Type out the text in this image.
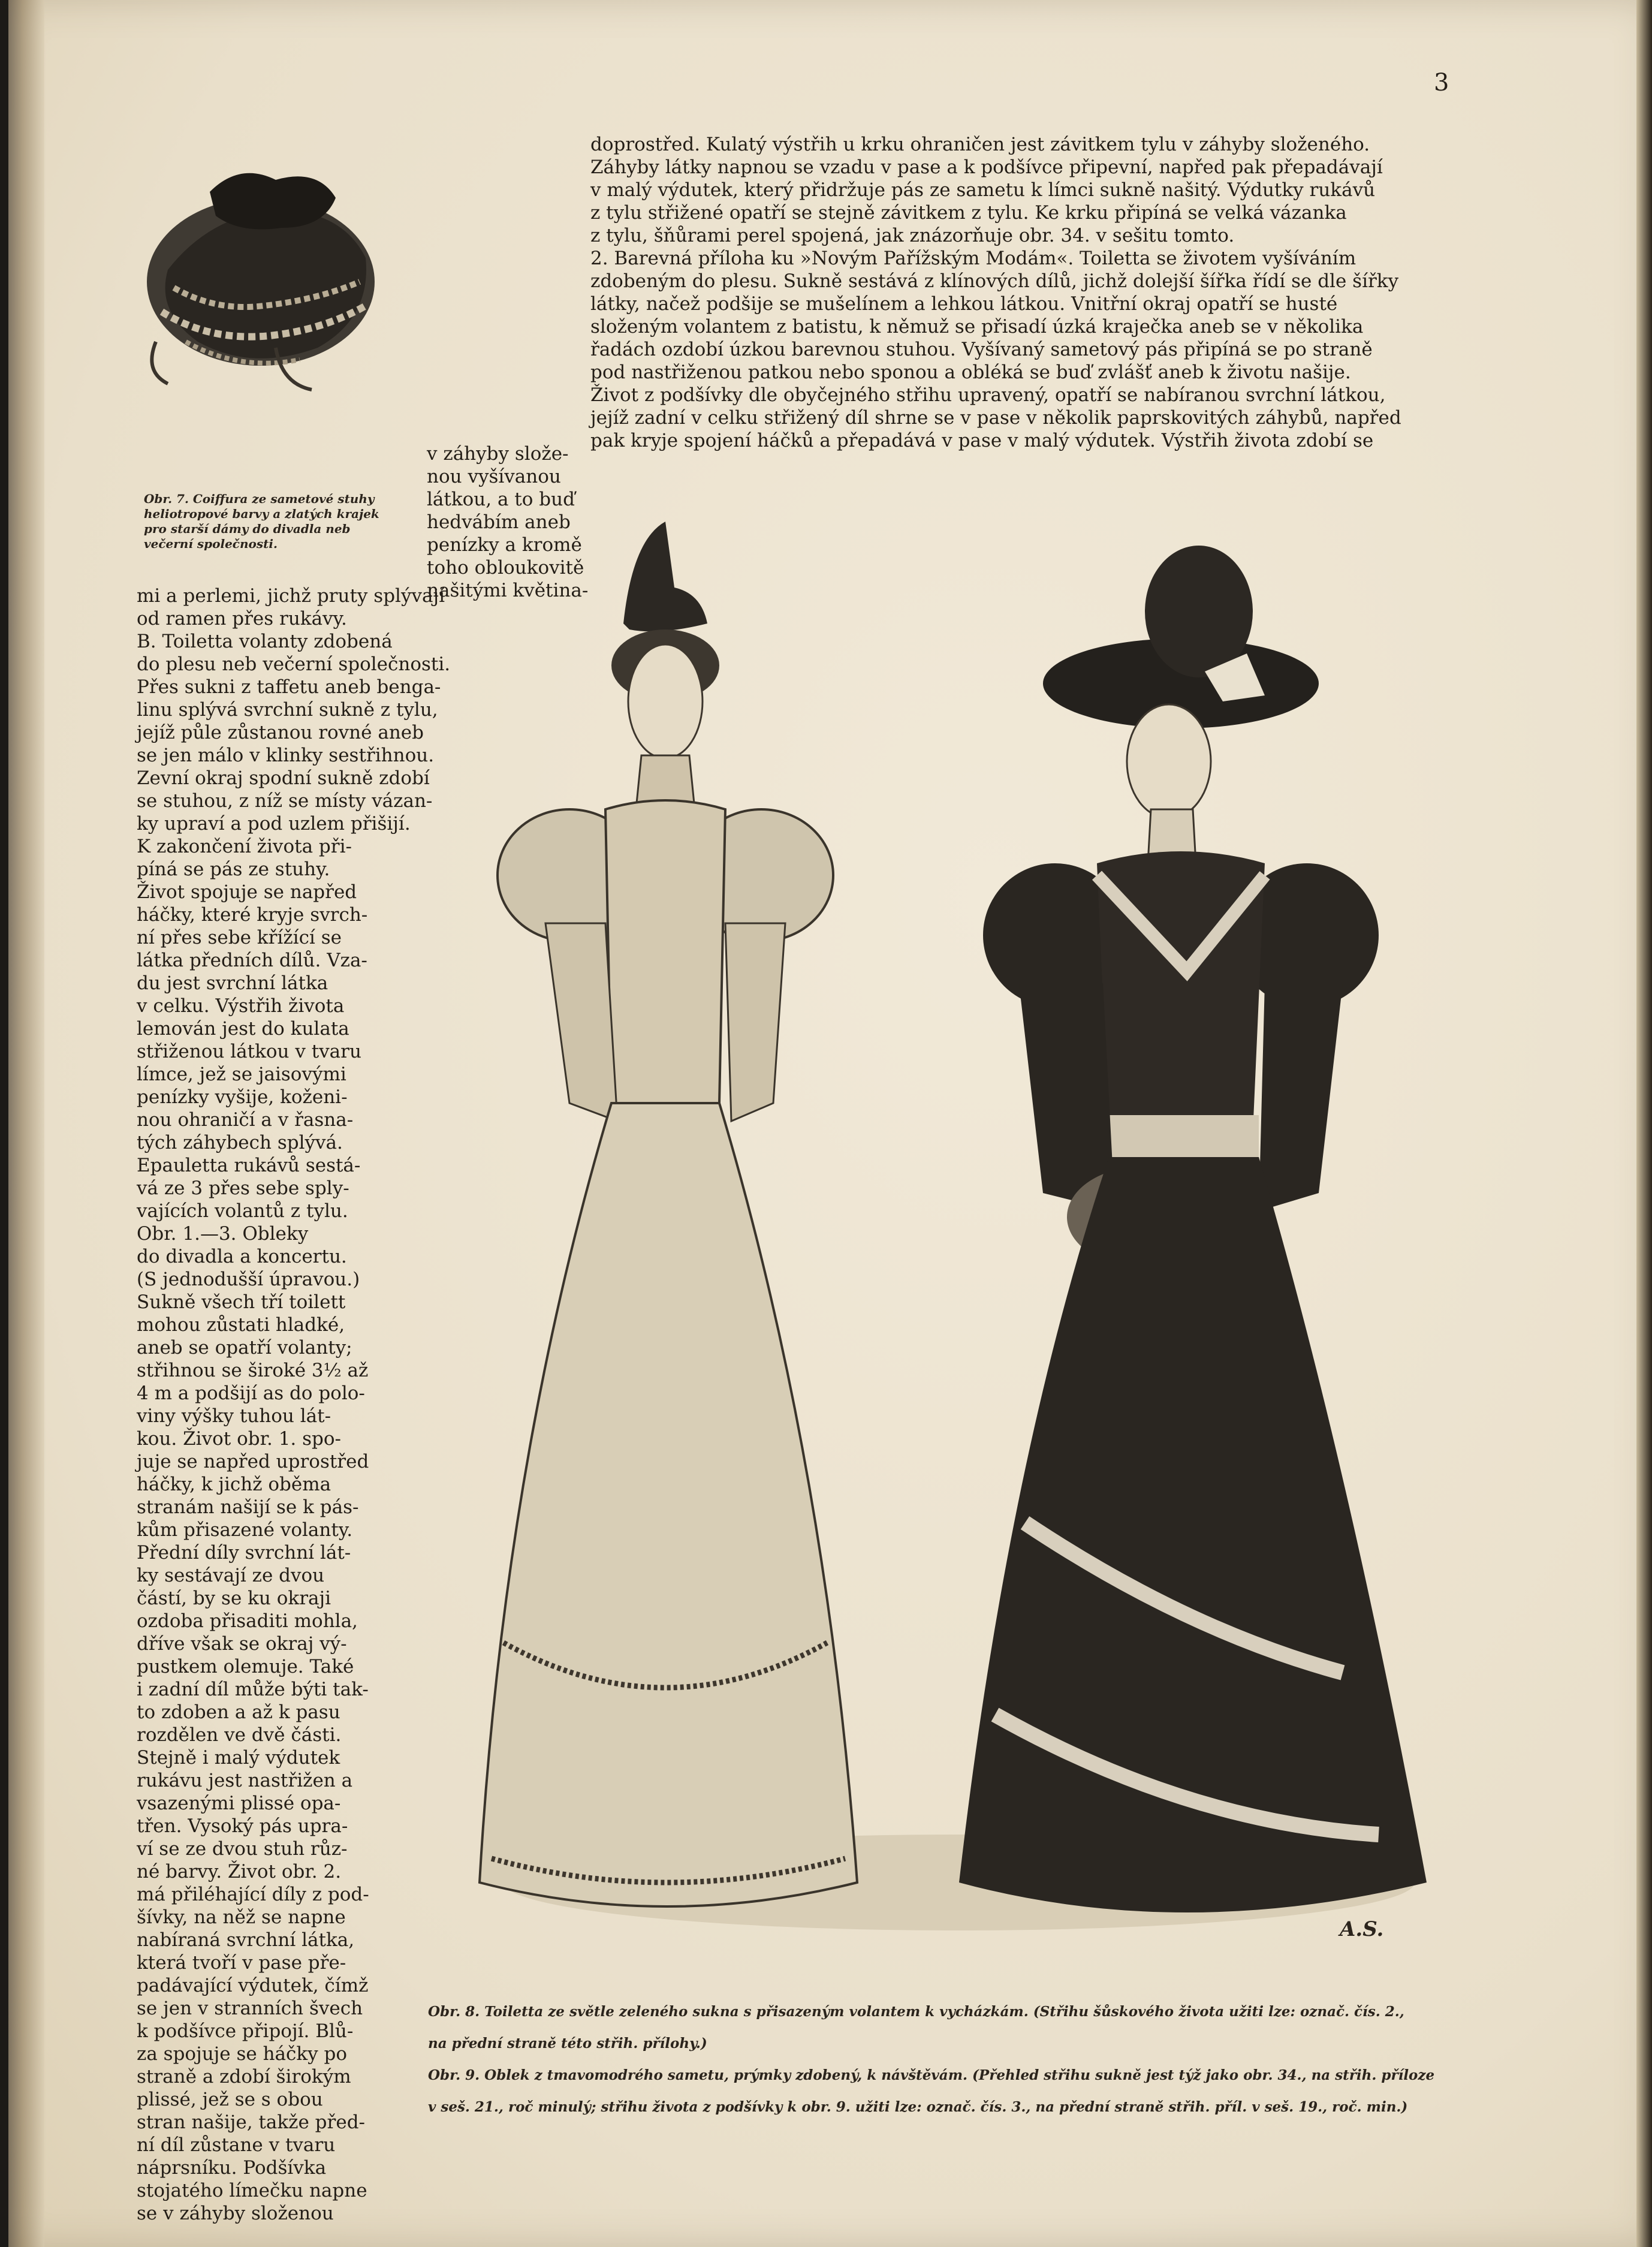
3

doprostřed. Kulatý výstřih u krku ohraničen jest závitkem tylu v záhyby složeného.

Záhyby látky napnou se vzadu v pase a k podšívce připevní, napřed pak přepadávají

v malý výdutek, který přidržuje pás ze sametu k límci sukně našitý. Výdutky rukávů

z tylu střižené opatří se stejně závitkem z tylu. Ke krku připíná se velká vázanka

z tylu, šňůrami perel spojená, jak znázorňuje obr. 34. v sešitu tomto.

2. Barevná příloha ku »Novým Pařížským Modám«. Toiletta se životem vyšíváním

zdobeným do plesu. Sukně sestává z klínových dílů, jichž dolejší šířka řídí se dle šířky

látky, načež podšije se mušelínem a lehkou látkou. Vnitřní okraj opatří se husté

složeným volantem z batistu, k němuž se přisadí úzká kraječka aneb se v několika

řadách ozdobí úzkou barevnou stuhou. Vyšívaný sametový pás připíná se po straně

pod nastřiženou patkou nebo sponou a obléká se buď zvlášť aneb k životu našije.

Život z podšívky dle obyčejného střihu upravený, opatří se nabíranou svrchní látkou,

jejíž zadní v celku střižený díl shrne se v pase v několik paprskovitých záhybů, napřed

pak kryje spojení háčků a přepadává v pase v malý výdutek. Výstřih života zdobí se

v záhyby slože-

nou vyšívanou

látkou, a to buď

hedvábím aneb

penízky a kromě

toho obloukovitě

našitými květina-

mi a perlemi, jichž pruty splývají

od ramen přes rukávy.

B. Toiletta volanty zdobená

do plesu neb večerní společnosti.

Přes sukni z taffetu aneb benga-

linu splývá svrchní sukně z tylu,

jejíž půle zůstanou rovné aneb

se jen málo v klinky sestřihnou.

Zevní okraj spodní sukně zdobí

se stuhou, z níž se místy vázan-

ky upraví a pod uzlem přišijí.

K zakončení života při-

píná se pás ze stuhy.

Život spojuje se napřed

háčky, které kryje svrch-

ní přes sebe křížící se

látka předních dílů. Vza-

du jest svrchní látka

v celku. Výstřih života

lemován jest do kulata

střiženou látkou v tvaru

límce, jež se jaisovými

penízky vyšije, koženi-

nou ohraničí a v řasna-

tých záhybech splývá.

Epauletta rukávů sestá-

vá ze 3 přes sebe sply-

vajících volantů z tylu.

Obr. 1.—3. Obleky

do divadla a koncertu.

(S jednodušší úpravou.)

Sukně všech tří toilett

mohou zůstati hladké,

aneb se opatří volanty;

střihnou se široké 3½ až

4 m a podšijí as do polo-

viny výšky tuhou lát-

kou. Život obr. 1. spo-

juje se napřed uprostřed

háčky, k jichž oběma

stranám našijí se k pás-

kům přisazené volanty.

Přední díly svrchní lát-

ky sestávají ze dvou

částí, by se ku okraji

ozdoba přisaditi mohla,

dříve však se okraj vý-

pustkem olemuje. Také

i zadní díl může býti tak-

to zdoben a až k pasu

rozdělen ve dvě části.

Stejně i malý výdutek

rukávu jest nastřižen a

vsazenými plissé opa-

třen. Vysoký pás upra-

ví se ze dvou stuh růz-

né barvy. Život obr. 2.

má přiléhající díly z pod-

šívky, na něž se napne

nabíraná svrchní látka,

která tvoří v pase pře-

padávající výdutek, čímž

se jen v stranních švech

k podšívce připojí. Blů-

za spojuje se háčky po

straně a zdobí širokým

plissé, jež se s obou

stran našije, takže před-

ní díl zůstane v tvaru

náprsníku. Podšívka

stojatého límečku napne

se v záhyby složenou

Obr. 7. Coiffura ze sametové stuhy heliotropové barvy a zlatých krajek pro starší dámy do divadla neb večerní společnosti.
A.S.

Obr. 8. Toiletta ze světle zeleného sukna s přisazeným volantem k vycházkám. (Střihu šůskového života užiti lze: označ. čís. 2.,

na přední straně této střih. přílohy.)

Obr. 9. Oblek z tmavomodrého sametu, prýmky zdobený, k návštěvám. (Přehled střihu sukně jest týž jako obr. 34., na střih. příloze

v seš. 21., roč minulý; střihu života z podšívky k obr. 9. užiti lze: označ. čís. 3., na přední straně střih. příl. v seš. 19., roč. min.)
